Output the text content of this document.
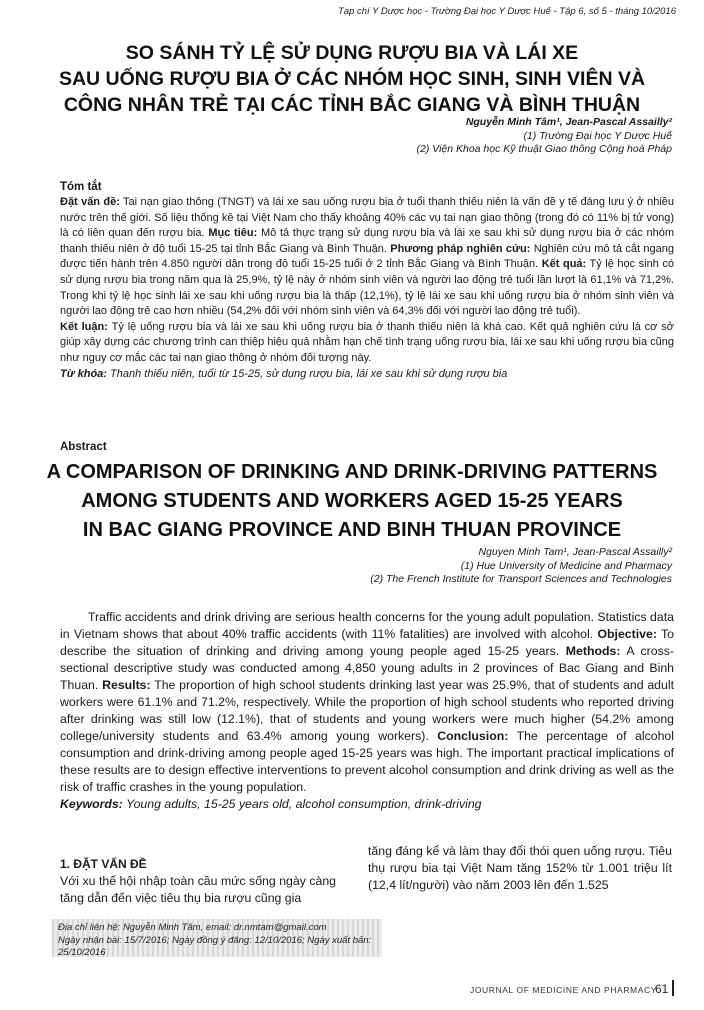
Tạp chí Y Dược học - Trường Đại học Y Dược Huế - Tập 6, số 5 - tháng 10/2016
SO SÁNH TỶ LỆ SỬ DỤNG RƯỢU BIA VÀ LÁI XE
SAU UỐNG RƯỢU BIA Ở CÁC NHÓM HỌC SINH, SINH VIÊN VÀ
CÔNG NHÂN TRẺ TẠI CÁC TỈNH BẮC GIANG VÀ BÌNH THUẬN
Nguyễn Minh Tâm¹, Jean-Pascal Assailly²
(1) Trường Đại học Y Dược Huế
(2) Viện Khoa học Kỹ thuật Giao thông Cộng hoà Pháp
Tóm tắt
Đặt vấn đề: Tai nạn giao thông (TNGT) và lái xe sau uống rượu bia ở tuổi thanh thiếu niên là vấn đề y tế đáng lưu ý ở nhiều nước trên thế giới. Số liệu thống kê tại Việt Nam cho thấy khoảng 40% các vụ tai nạn giao thông (trong đó có 11% bị tử vong) là có liên quan đến rượu bia. Mục tiêu: Mô tả thực trạng sử dụng rượu bia và lái xe sau khi sử dụng rượu bia ở các nhóm thanh thiếu niên ở độ tuổi 15-25 tại tỉnh Bắc Giang và Bình Thuận. Phương pháp nghiên cứu: Nghiên cứu mô tả cắt ngang được tiến hành trên 4.850 người dân trong độ tuổi 15-25 tuổi ở 2 tỉnh Bắc Giang và Bình Thuận. Kết quả: Tỷ lệ học sinh có sử dụng rượu bia trong năm qua là 25,9%, tỷ lệ này ở nhóm sinh viên và người lao động trẻ tuổi lần lượt là 61,1% và 71,2%. Trong khi tỷ lệ học sinh lái xe sau khi uống rượu bia là thấp (12,1%), tỷ lệ lái xe sau khi uống rượu bia ở nhóm sinh viên và người lao động trẻ cao hơn nhiều (54,2% đối với nhóm sinh viên và 64,3% đối với người lao động trẻ tuổi).
Kết luận: Tỷ lệ uống rượu bia và lái xe sau khi uống rượu bia ở thanh thiếu niên là khá cao. Kết quả nghiên cứu là cơ sở giúp xây dựng các chương trình can thiệp hiệu quả nhằm hạn chế tình trạng uống rượu bia, lái xe sau khi uống rượu bia cũng như nguy cơ mắc các tai nạn giao thông ở nhóm đối tượng này.
Từ khóa: Thanh thiếu niên, tuổi từ 15-25, sử dụng rượu bia, lái xe sau khi sử dụng rượu bia
Abstract
A COMPARISON OF DRINKING AND DRINK-DRIVING PATTERNS
AMONG STUDENTS AND WORKERS AGED 15-25 YEARS
IN BAC GIANG PROVINCE AND BINH THUAN PROVINCE
Nguyen Minh Tam¹, Jean-Pascal Assailly²
(1) Hue University of Medicine and Pharmacy
(2) The French Institute for Transport Sciences and Technologies
Traffic accidents and drink driving are serious health concerns for the young adult population. Statistics data in Vietnam shows that about 40% traffic accidents (with 11% fatalities) are involved with alcohol. Objective: To describe the situation of drinking and driving among young people aged 15-25 years. Methods: A cross-sectional descriptive study was conducted among 4,850 young adults in 2 provinces of Bac Giang and Binh Thuan. Results: The proportion of high school students drinking last year was 25.9%, that of students and adult workers were 61.1% and 71.2%, respectively. While the proportion of high school students who reported driving after drinking was still low (12.1%), that of students and young workers were much higher (54.2% among college/university students and 63.4% among young workers). Conclusion: The percentage of alcohol consumption and drink-driving among people aged 15-25 years was high. The important practical implications of these results are to design effective interventions to prevent alcohol consumption and drink driving as well as the risk of traffic crashes in the young population.
Keywords: Young adults, 15-25 years old, alcohol consumption, drink-driving
1. ĐẶT VẤN ĐỀ
Với xu thế hội nhập toàn cầu mức sống ngày càng tăng dẫn đến việc tiêu thụ bia rượu cũng gia
tăng đáng kể và làm thay đổi thói quen uống rượu. Tiêu thụ rượu bia tại Việt Nam tăng 152% từ 1.001 triệu lít (12,4 lít/người) vào năm 2003 lên đến 1.525
Địa chỉ liên hệ: Nguyễn Minh Tâm, email: dr.nmtam@gmail.com
Ngày nhận bài: 15/7/2016; Ngày đồng ý đăng: 12/10/2016; Ngày xuất bản: 25/10/2016
JOURNAL OF MEDICINE AND PHARMACY
61
